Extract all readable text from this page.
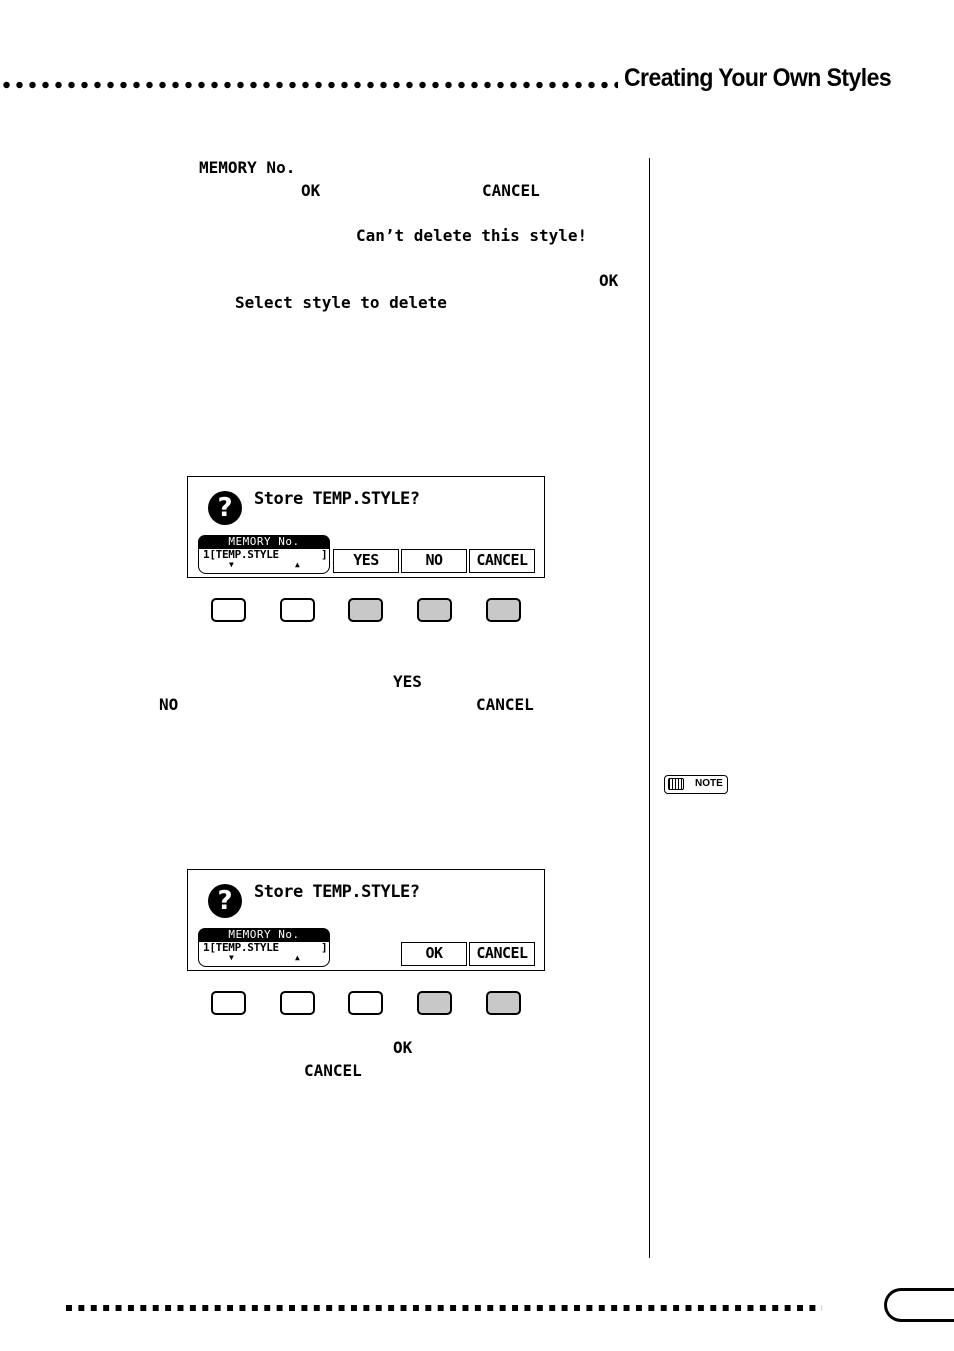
Creating Your Own Styles
MEMORY No.
OK	CANCEL
Can’t delete this style!
OK
Select style to delete
?	Store TEMP.STYLE?
MEMORY No.
1[TEMP.STYLE	]
▼	▲	YES	NO	CANCEL
YES
NO	CANCEL
NOTE
?	Store TEMP.STYLE?
MEMORY No.
1[TEMP.STYLE	]
▼	▲	OK	CANCEL
OK
CANCEL
